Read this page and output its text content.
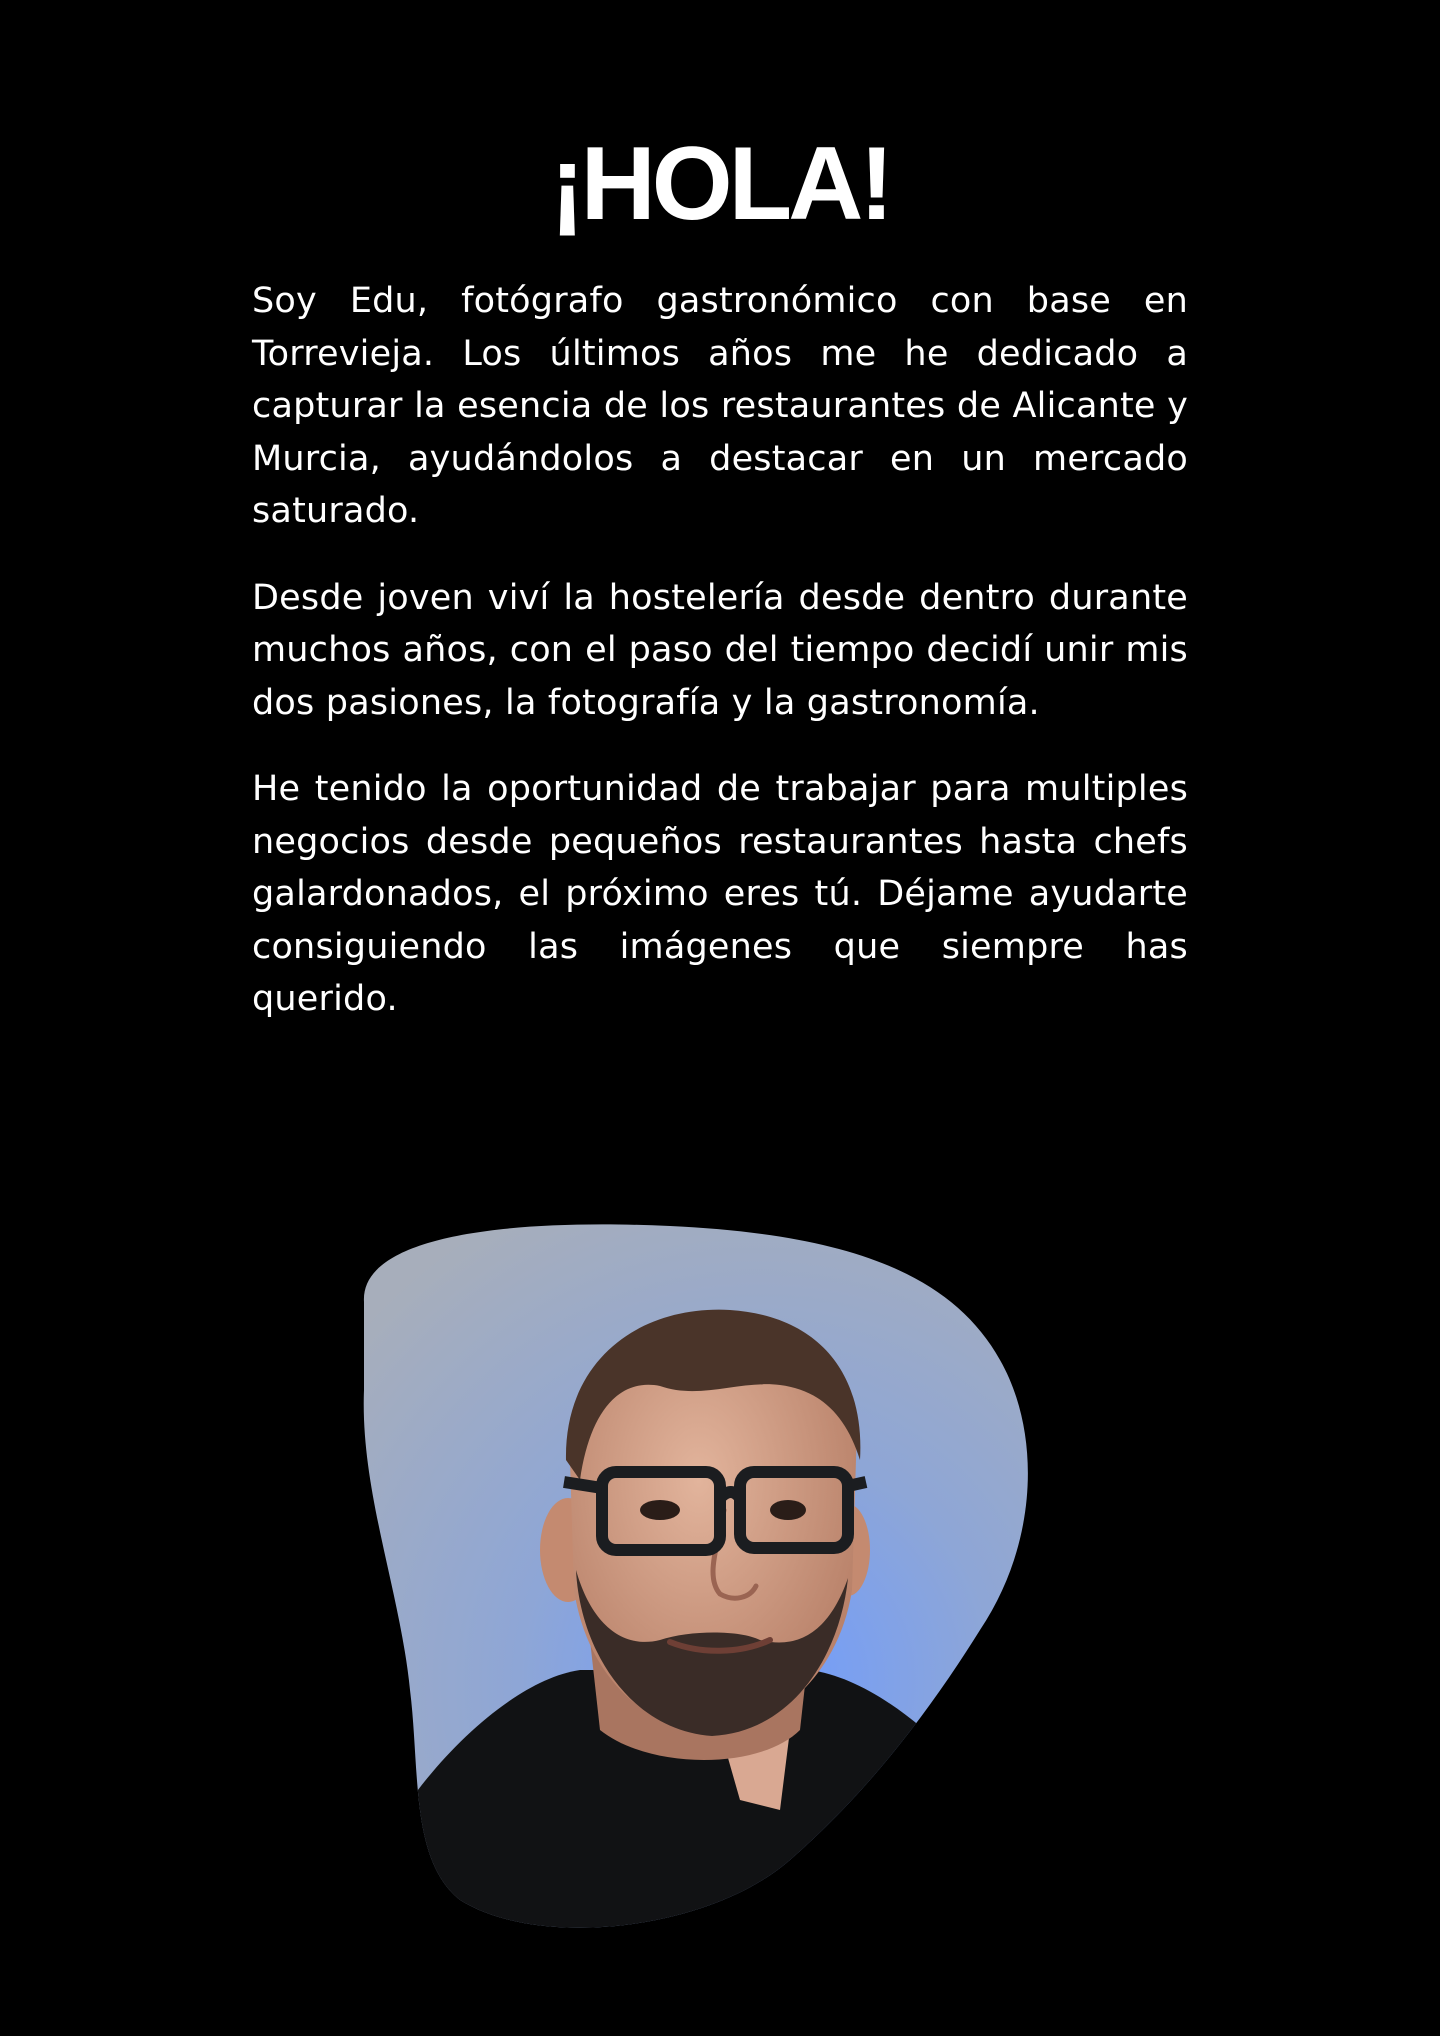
¡HOLA!

Soy Edu, fotógrafo gastronómico con base en Torrevieja. Los últimos años me he dedicado a capturar la esencia de los restaurantes de Alicante y Murcia, ayudándolos a destacar en un mercado saturado.

Desde joven viví la hostelería desde dentro durante muchos años, con el paso del tiempo decidí unir mis dos pasiones, la fotografía y la gastronomía.

He tenido la oportunidad de trabajar para multiples negocios desde pequeños restaurantes hasta chefs galardonados, el próximo eres tú. Déjame ayudarte consiguiendo las imágenes que siempre has querido.
